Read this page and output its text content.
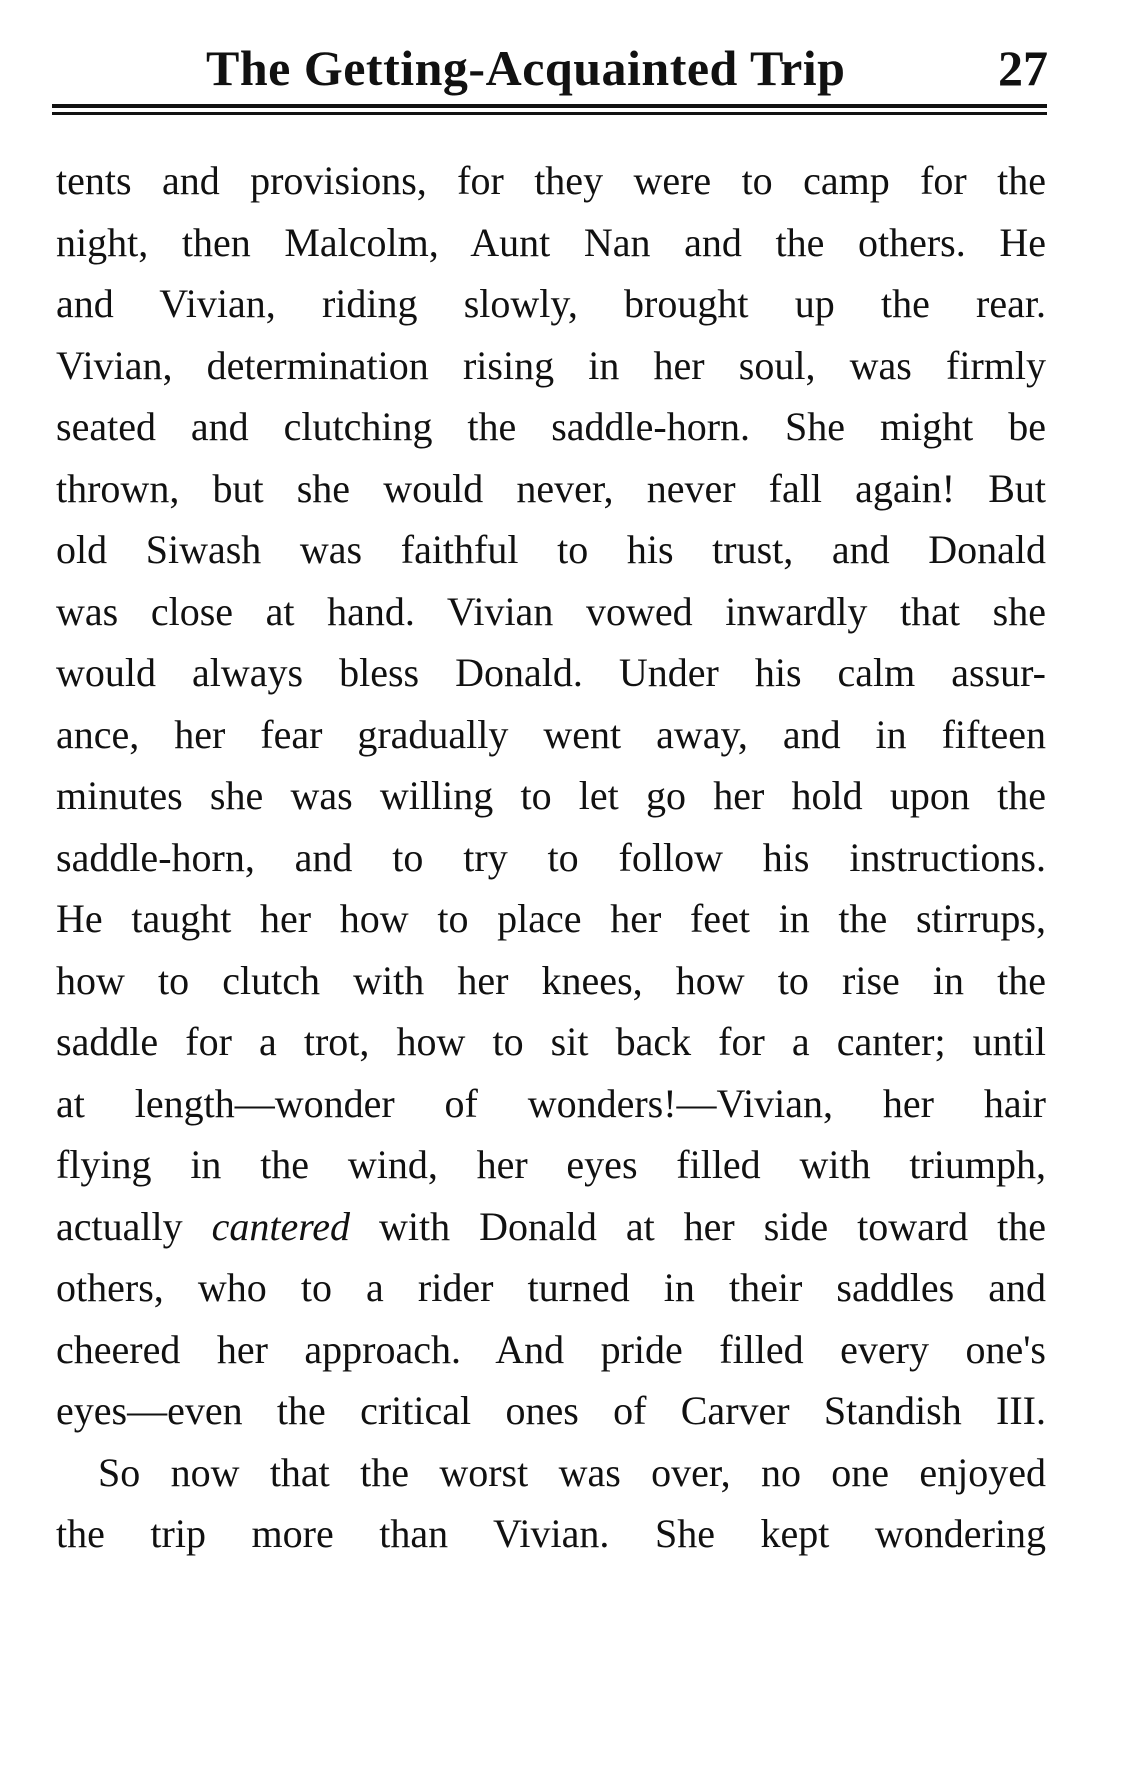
The Getting-Acquainted Trip	27
tents and provisions, for they were to camp for the
night, then Malcolm, Aunt Nan and the others. He
and Vivian, riding slowly, brought up the rear.
Vivian, determination rising in her soul, was firmly
seated and clutching the saddle-horn. She might be
thrown, but she would never, never fall again! But
old Siwash was faithful to his trust, and Donald
was close at hand. Vivian vowed inwardly that she
would always bless Donald. Under his calm assur-
ance, her fear gradually went away, and in fifteen
minutes she was willing to let go her hold upon the
saddle-horn, and to try to follow his instructions.
He taught her how to place her feet in the stirrups,
how to clutch with her knees, how to rise in the
saddle for a trot, how to sit back for a canter; until
at length—wonder of wonders!—Vivian, her hair
flying in the wind, her eyes filled with triumph,
actually cantered with Donald at her side toward the
others, who to a rider turned in their saddles and
cheered her approach. And pride filled every one's
eyes—even the critical ones of Carver Standish III.
So now that the worst was over, no one enjoyed
the trip more than Vivian. She kept wondering
